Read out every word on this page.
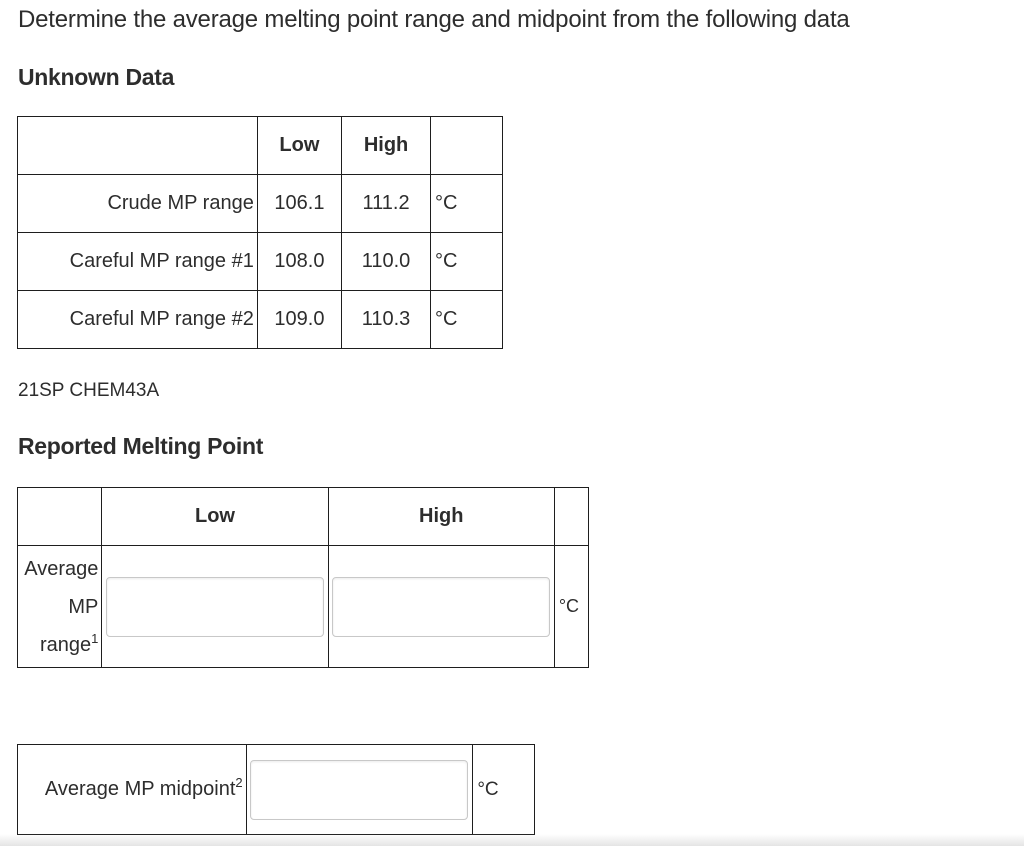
Determine the average melting point range and midpoint from the following data
Unknown Data
	Low	High	
Crude MP range	106.1	111.2	°C
Careful MP range #1	108.0	110.0	°C
Careful MP range #2	109.0	110.3	°C
21SP CHEM43A
Reported Melting Point
	Low	High	
Average
MP
range$^1$			°C
Average MP midpoint$^2$		°C
